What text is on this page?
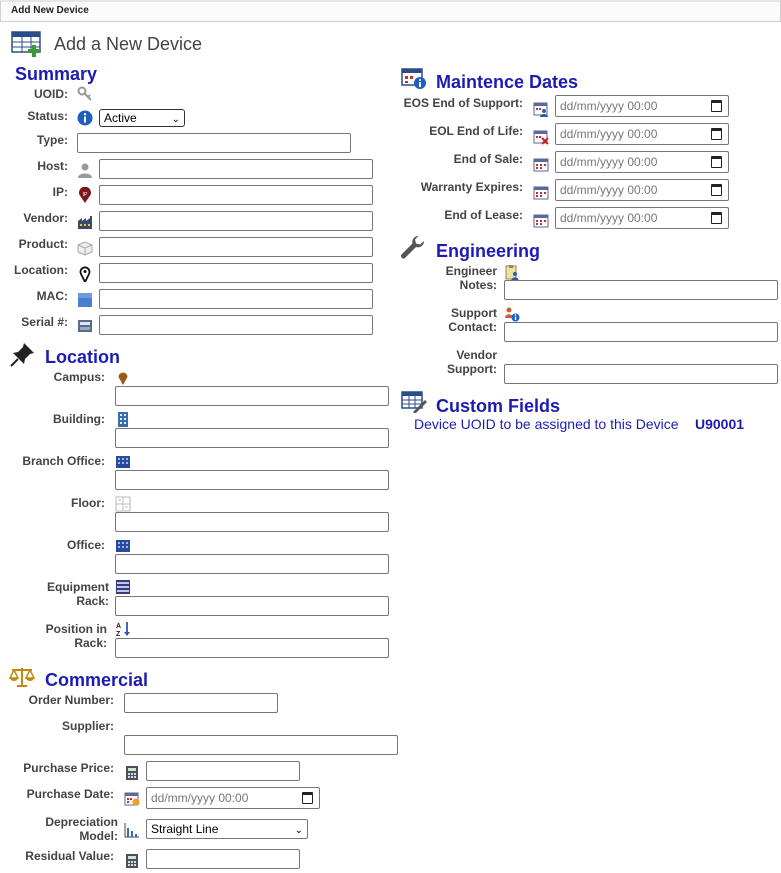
Add New Device
Add a New Device
Summary
UOID:
Status:	Active	⌄
Type:
Host:
IP:	IP
Vendor:
Product:
Location:
MAC:
Serial #:
Location
Campus:
Building:
Branch Office:
Floor:
Office:
Equipment
Rack:
Position in
Rack:
A
Z
Commercial
Order Number:
Supplier:
Purchase Price:
Purchase Date:	dd/mm/yyyy 00:00
Depreciation
Model:	Straight Line	⌄
Residual Value:
Maintence Dates
EOS End of Support:	dd/mm/yyyy 00:00
EOL End of Life:	dd/mm/yyyy 00:00
End of Sale:	dd/mm/yyyy 00:00
Warranty Expires:	dd/mm/yyyy 00:00
End of Lease:	dd/mm/yyyy 00:00
Engineering
Engineer
Notes:
Support
Contact:
Vendor
Support:
Custom Fields
Device UOID to be assigned to this Device U90001
